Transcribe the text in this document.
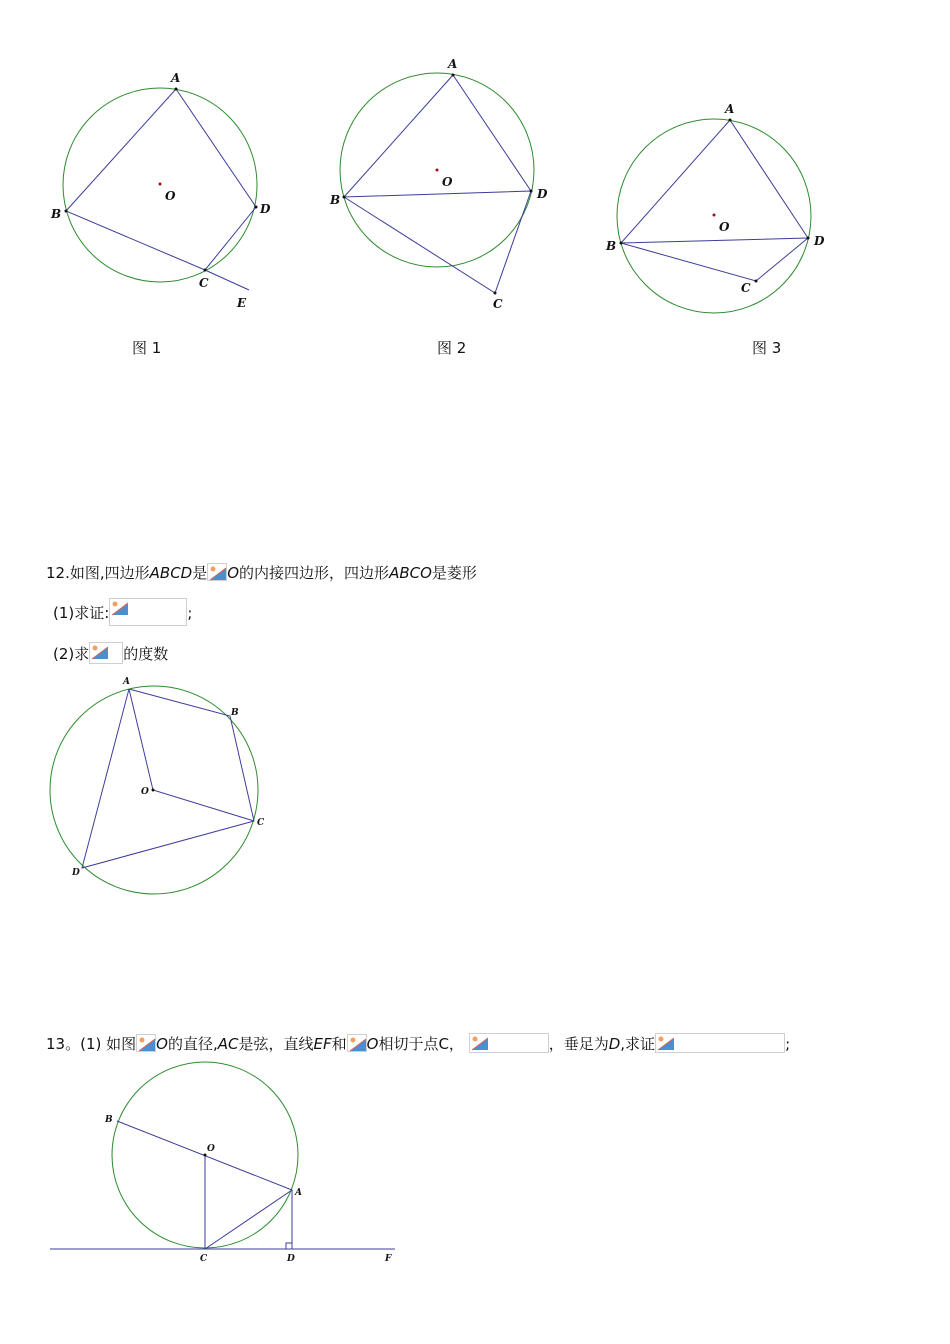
A
B
C
D
E
O
A
B
C
D
O
A
B
C
D
O
图 1	图 2	图 3
12.如图,四边形ABCD是 O的内接四边形，四边形ABCO是菱形
(1)求证:	;
(2)求 的度数
A
B
C
D
O
13。(1) 如图 O的直径,AC是弦，直线EF和 O相切于点C，	，垂足为D,求证	;
A
B
C	D	F
O
